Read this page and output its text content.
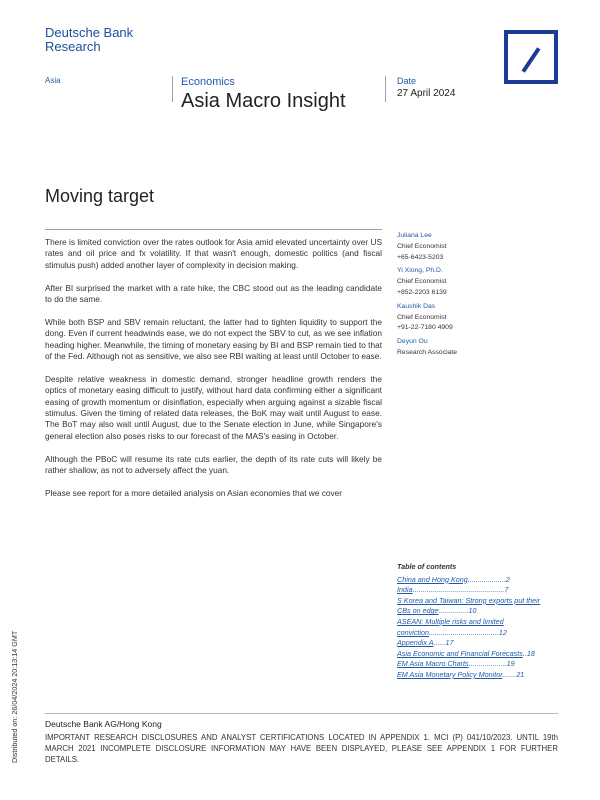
Deutsche Bank
Research
Asia	Economics
Asia Macro Insight
Date
27 April 2024
Moving target

There is limited conviction over the rates outlook for Asia amid elevated uncertainty over US rates and oil price and fx volatility. If that wasn't enough, domestic politics (and fiscal stimulus push) added another layer of complexity in decision making.

After BI surprised the market with a rate hike, the CBC stood out as the leading candidate to do the same.

While both BSP and SBV remain reluctant, the latter had to tighten liquidity to support the dong. Even if current headwinds ease, we do not expect the SBV to cut, as we see inflation heading higher. Meanwhile, the timing of monetary easing by BI and BSP remain tied to that of the Fed. Although not as sensitive, we also see RBI waiting at least until October to ease.

Despite relative weakness in domestic demand, stronger headline growth renders the optics of monetary easing difficult to justify, without hard data confirming either a significant easing of growth momentum or disinflation, especially when arguing against a sizable fiscal stimulus. Given the timing of related data releases, the BoK may wait until August to ease. The BoT may also wait until August, due to the Senate election in June, while Singapore's general election also poses risks to our forecast of the MAS's easing in October.

Although the PBoC will resume its rate cuts earlier, the depth of its rate cuts will likely be rather shallow, as not to adversely affect the yuan.

Please see report for a more detailed analysis on Asian economies that we cover

Juliana Lee
Chief Economist
+65-6423-5203
Yi Xiong, Ph.D.
Chief Economist
+852-2203 6139
Kaushik Das
Chief Economist
+91-22-7180 4909
Deyun Ou
Research Associate
Table of contents
China and Hong Kong...................2
India..............................................7
S Korea and Taiwan: Strong exports put their CBs on edge...............10
ASEAN: Multiple risks and limited conviction...................................12
Appendix A......17
Asia Economic and Financial Forecasts..18
EM Asia Macro Charts...................19
EM Asia Monetary Policy Monitor.......21
Deutsche Bank AG/Hong Kong
IMPORTANT RESEARCH DISCLOSURES AND ANALYST CERTIFICATIONS LOCATED IN APPENDIX 1. MCI (P) 041/10/2023. UNTIL 19th MARCH 2021 INCOMPLETE DISCLOSURE INFORMATION MAY HAVE BEEN DISPLAYED, PLEASE SEE APPENDIX 1 FOR FURTHER DETAILS.
Distributed on: 26/04/2024 20:13:14 GMT
